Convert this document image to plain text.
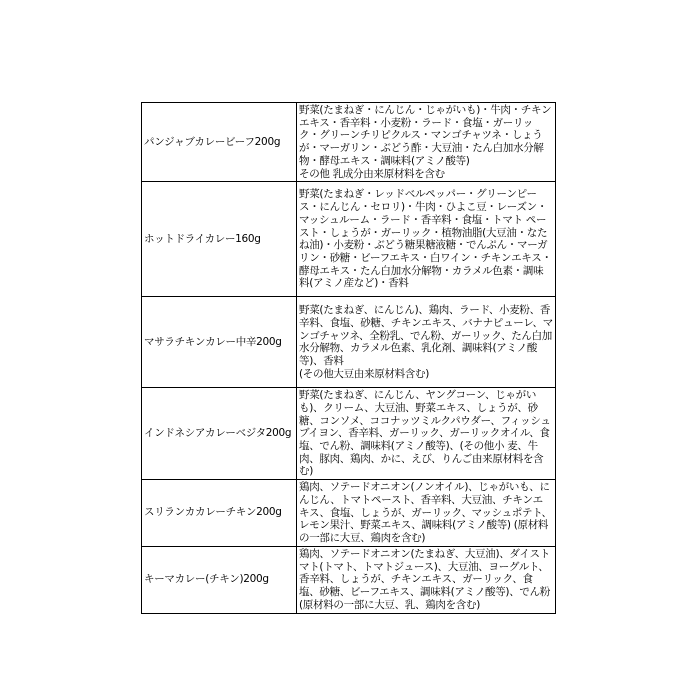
パンジャブカレービーフ200g	野菜(たまねぎ・にんじん・じゃがいも)・牛肉・チキンエキス・香辛料・小麦粉・ラード・食塩・ガーリック・グリーンチリピクルス・マンゴチャツネ・しょうが・マーガリン・ぶどう酢・大豆油・たん白加水分解物・酵母エキス・調味料(アミノ酸等)
その他 乳成分由来原材料を含む

ホットドライカレー160g	野菜(たまねぎ・レッドベルペッパー・グリーンピース・にんじん・セロリ)・牛肉・ひよこ豆・レーズン・マッシュルーム・ラード・香辛料・食塩・トマト ペースト・しょうが・ガーリック・植物油脂(大豆油・なたね油)・小麦粉・ぶどう糖果糖液糖・でんぷん・マーガリン・砂糖・ビーフエキス・白ワイン・チキンエキス・酵母エキス・たん白加水分解物・カラメル色素・調味料(アミノ産など)・香料

マサラチキンカレー中辛200g	野菜(たまねぎ、にんじん)、鶏肉、ラード、小麦粉、香辛料、食塩、砂糖、チキンエキス、バナナピューレ、マンゴチャツネ、全粉乳、でん粉、ガーリック、たん白加水分解物、カラメル色素、乳化剤、調味料(アミノ酸等)、香料
(その他大豆由来原材料含む)

インドネシアカレーベジタ200g	野菜(たまねぎ、にんじん、ヤングコーン、じゃがいも)、クリーム、大豆油、野菜エキス、しょうが、砂 糖、コンソメ、ココナッツミルクパウダー、フィッシュブイヨン、香辛料、ガーリック、ガーリックオイル、食塩、でん粉、調味料(アミノ酸等)、(その他小 麦、牛肉、豚肉、鶏肉、かに、えび、りんご由来原材料を含む)

スリランカカレーチキン200g	鶏肉、ソテードオニオン(ノンオイル)、じゃがいも、にんじん、トマトペースト、香辛料、大豆油、チキンエキス、食塩、しょうが、ガーリック、マッシュポテト、レモン果汁、野菜エキス、調味料(アミノ酸等) (原材料の一部に大豆、鶏肉を含む)

キーマカレー(チキン)200g	鶏肉、ソテードオニオン(たまねぎ、大豆油)、ダイストマト(トマト、トマトジュース)、大豆油、ヨーグルト、香辛料、しょうが、チキンエキス、ガーリック、食塩、砂糖、ビーフエキス、調味料(アミノ酸等)、でん粉 (原材料の一部に大豆、乳、鶏肉を含む)
